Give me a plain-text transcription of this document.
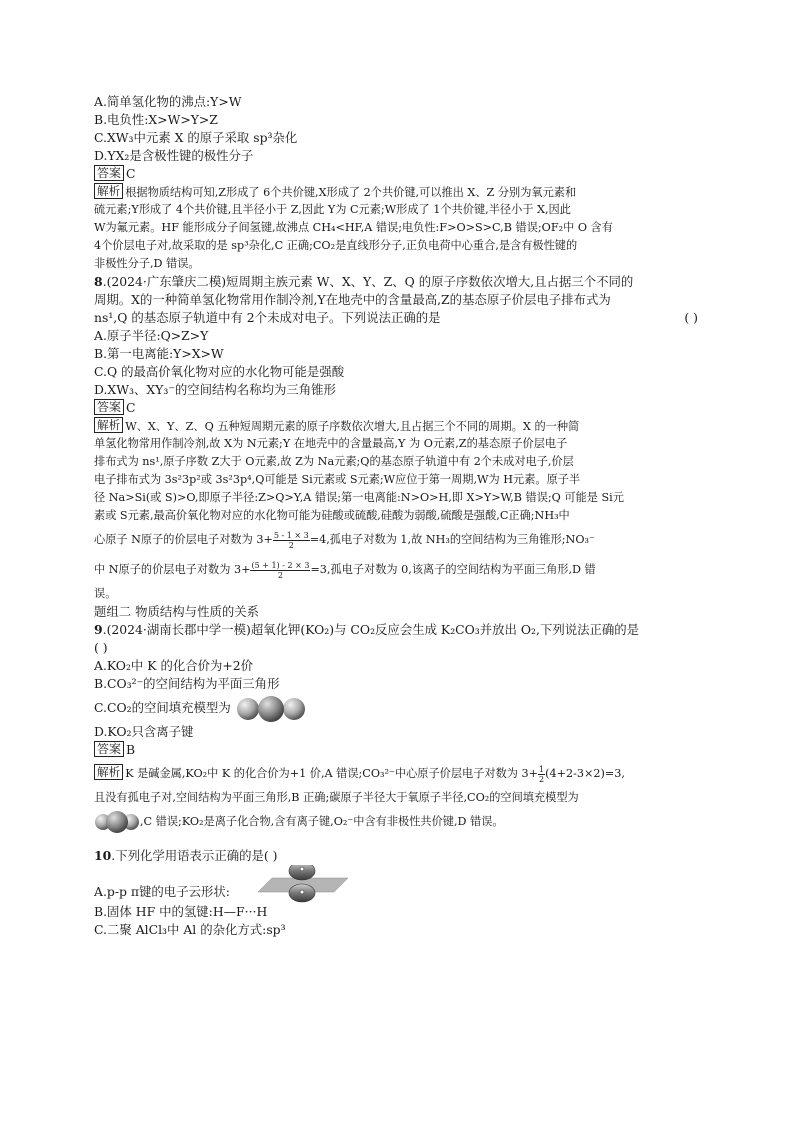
A.简单氢化物的沸点:Y>W
B.电负性:X>W>Y>Z
C.XW₃中元素 X 的原子采取 sp³杂化
D.YX₂是含极性键的极性分子
答案 C
解析 根据物质结构可知,Z形成了 6个共价键,X形成了 2个共价键,可以推出 X、Z 分别为氧元素和
硫元素;Y形成了 4个共价键,且半径小于 Z,因此 Y为 C元素;W形成了 1个共价键,半径小于 X,因此
W为氟元素。HF 能形成分子间氢键,故沸点 CH₄<HF,A 错误;电负性:F>O>S>C,B 错误;OF₂中 O 含有
4个价层电子对,故采取的是 sp³杂化,C 正确;CO₂是直线形分子,正负电荷中心重合,是含有极性键的
非极性分子,D 错误。
8.(2024·广东肇庆二模)短周期主族元素 W、X、Y、Z、Q 的原子序数依次增大,且占据三个不同的
周期。X的一种简单氢化物常用作制冷剂,Y在地壳中的含量最高,Z的基态原子价层电子排布式为
ns¹,Q 的基态原子轨道中有 2个未成对电子。下列说法正确的是	( )
A.原子半径:Q>Z>Y
B.第一电离能:Y>X>W
C.Q 的最高价氧化物对应的水化物可能是强酸
D.XW₃、XY₃⁻的空间结构名称均为三角锥形
答案 C
解析 W、X、Y、Z、Q 五种短周期元素的原子序数依次增大,且占据三个不同的周期。X 的一种简
单氢化物常用作制冷剂,故 X为 N元素;Y 在地壳中的含量最高,Y 为 O元素,Z的基态原子价层电子
排布式为 ns¹,原子序数 Z大于 O元素,故 Z为 Na元素;Q的基态原子轨道中有 2个未成对电子,价层
电子排布式为 3s²3p²或 3s²3p⁴,Q可能是 Si元素或 S元素;W应位于第一周期,W为 H元素。原子半
径 Na>Si(或 S)>O,即原子半径:Z>Q>Y,A 错误;第一电离能:N>O>H,即 X>Y>W,B 错误;Q 可能是 Si元
素或 S元素,最高价氧化物对应的水化物可能为硅酸或硫酸,硅酸为弱酸,硫酸是强酸,C正确;NH₃中
心原子 N原子的价层电子对数为 $3+ \frac{5 - 1 \times 3}{2} =4$,孤电子对数为 1,故 NH₃的空间结构为三角锥形;NO₃⁻
中 N原子的价层电子对数为 $3+ \frac{(5 + 1) - 2 \times 3}{2} =3$,孤电子对数为 0,该离子的空间结构为平面三角形,D 错
误。
题组二 物质结构与性质的关系
9.(2024·湖南长郡中学一模)超氧化钾(KO₂)与 CO₂反应会生成 K₂CO₃并放出 O₂,下列说法正确的是
( )
A.KO₂中 K 的化合价为+2价
B.CO₃²⁻的空间结构为平面三角形
C.CO₂的空间填充模型为
D.KO₂只含离子键
答案 B
解析 K 是碱金属,KO₂中 K 的化合价为+1 价,A 错误;CO₃²⁻中心原子价层电子对数为 $3+ \frac{1}{2} (4+2-3\times 2)=3$,
且没有孤电子对,空间结构为平面三角形,B 正确;碳原子半径大于氧原子半径,CO₂的空间填充模型为
,C 错误;KO₂是离子化合物,含有离子键,O₂⁻中含有非极性共价键,D 错误。
10.下列化学用语表示正确的是( )
A.p-p π键的电子云形状:
B.固体 HF 中的氢键:H—F···H
C.二聚 AlCl₃中 Al 的杂化方式:sp³
